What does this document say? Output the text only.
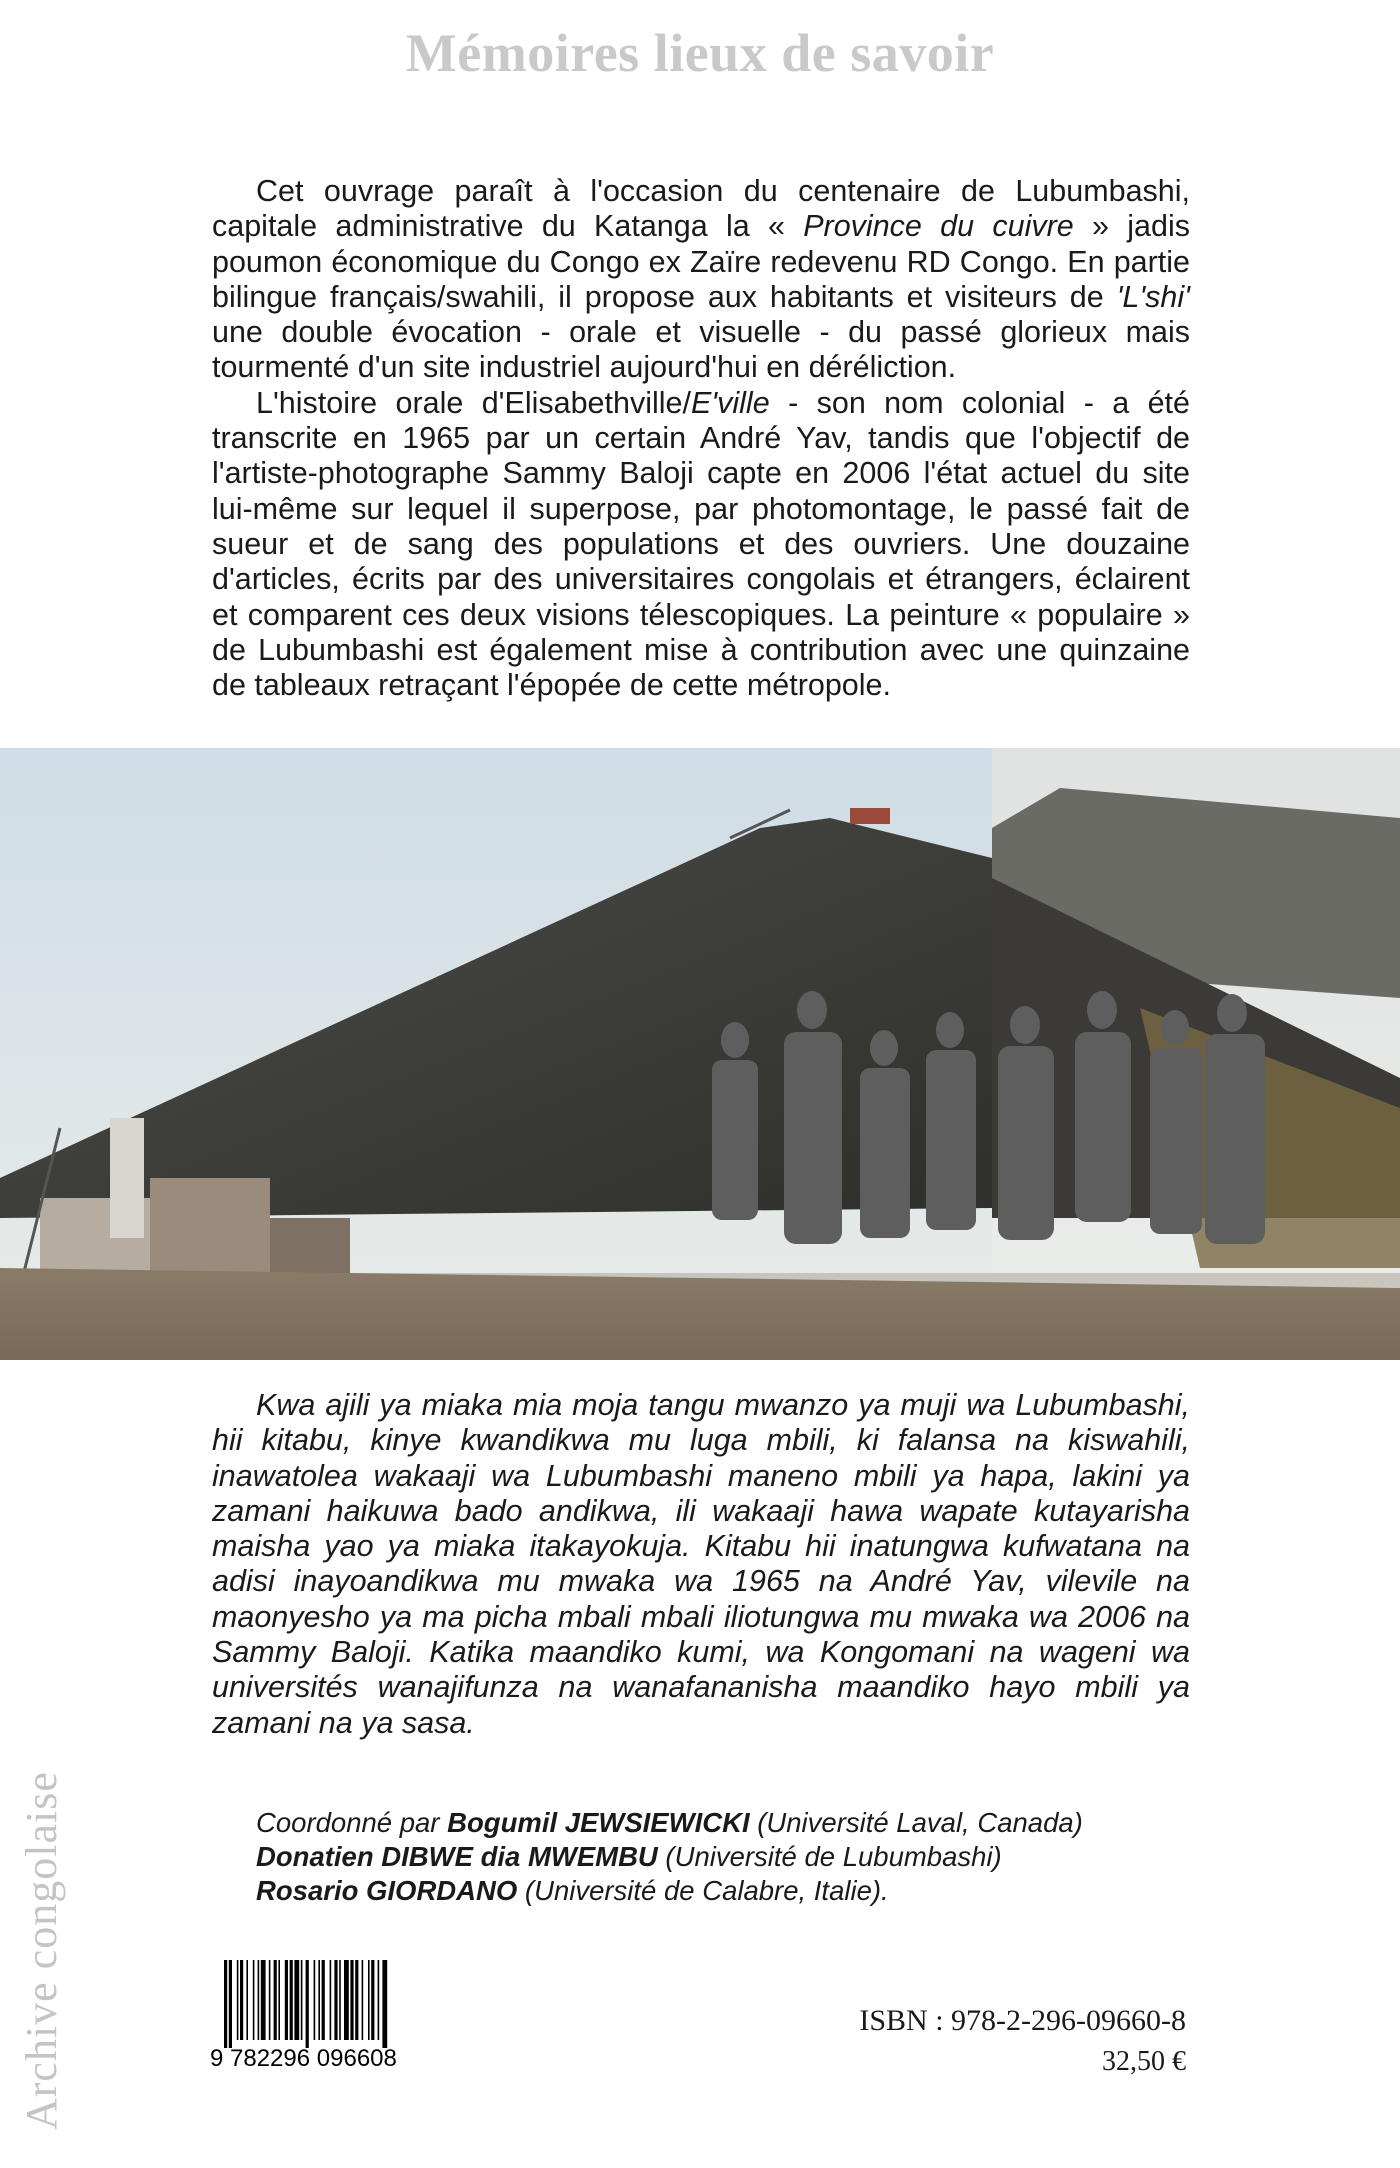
Mémoires lieux de savoir

Cet ouvrage paraît à l'occasion du centenaire de Lubumbashi, capitale administrative du Katanga la « Province du cuivre » jadis poumon économique du Congo ex Zaïre redevenu RD Congo. En partie bilingue français/swahili, il propose aux habitants et visiteurs de 'L'shi' une double évocation - orale et visuelle - du passé glorieux mais tourmenté d'un site industriel aujourd'hui en déréliction.

L'histoire orale d'Elisabethville/E'ville - son nom colonial - a été transcrite en 1965 par un certain André Yav, tandis que l'objectif de l'artiste-photographe Sammy Baloji capte en 2006 l'état actuel du site lui-même sur lequel il superpose, par photomontage, le passé fait de sueur et de sang des populations et des ouvriers. Une douzaine d'articles, écrits par des universitaires congolais et étrangers, éclairent et comparent ces deux visions télescopiques. La peinture « populaire » de Lubumbashi est également mise à contribution avec une quinzaine de tableaux retraçant l'épopée de cette métropole.

Kwa ajili ya miaka mia moja tangu mwanzo ya muji wa Lubumbashi, hii kitabu, kinye kwandikwa mu luga mbili, ki falansa na kiswahili, inawatolea wakaaji wa Lubumbashi maneno mbili ya hapa, lakini ya zamani haikuwa bado andikwa, ili wakaaji hawa wapate kutayarisha maisha yao ya miaka itakayokuja. Kitabu hii inatungwa kufwatana na adisi inayoandikwa mu mwaka wa 1965 na André Yav, vilevile na maonyesho ya ma picha mbali mbali iliotungwa mu mwaka wa 2006 na Sammy Baloji. Katika maandiko kumi, wa Kongomani na wageni wa universités wanajifunza na wanafananisha maandiko hayo mbili ya zamani na ya sasa.
Coordonné par Bogumil JEWSIEWICKI (Université Laval, Canada)
Donatien DIBWE dia MWEMBU (Université de Lubumbashi)
Rosario GIORDANO (Université de Calabre, Italie).
Archive congolaise	9 782296 096608
ISBN : 978-2-296-09660-8
32,50 €
